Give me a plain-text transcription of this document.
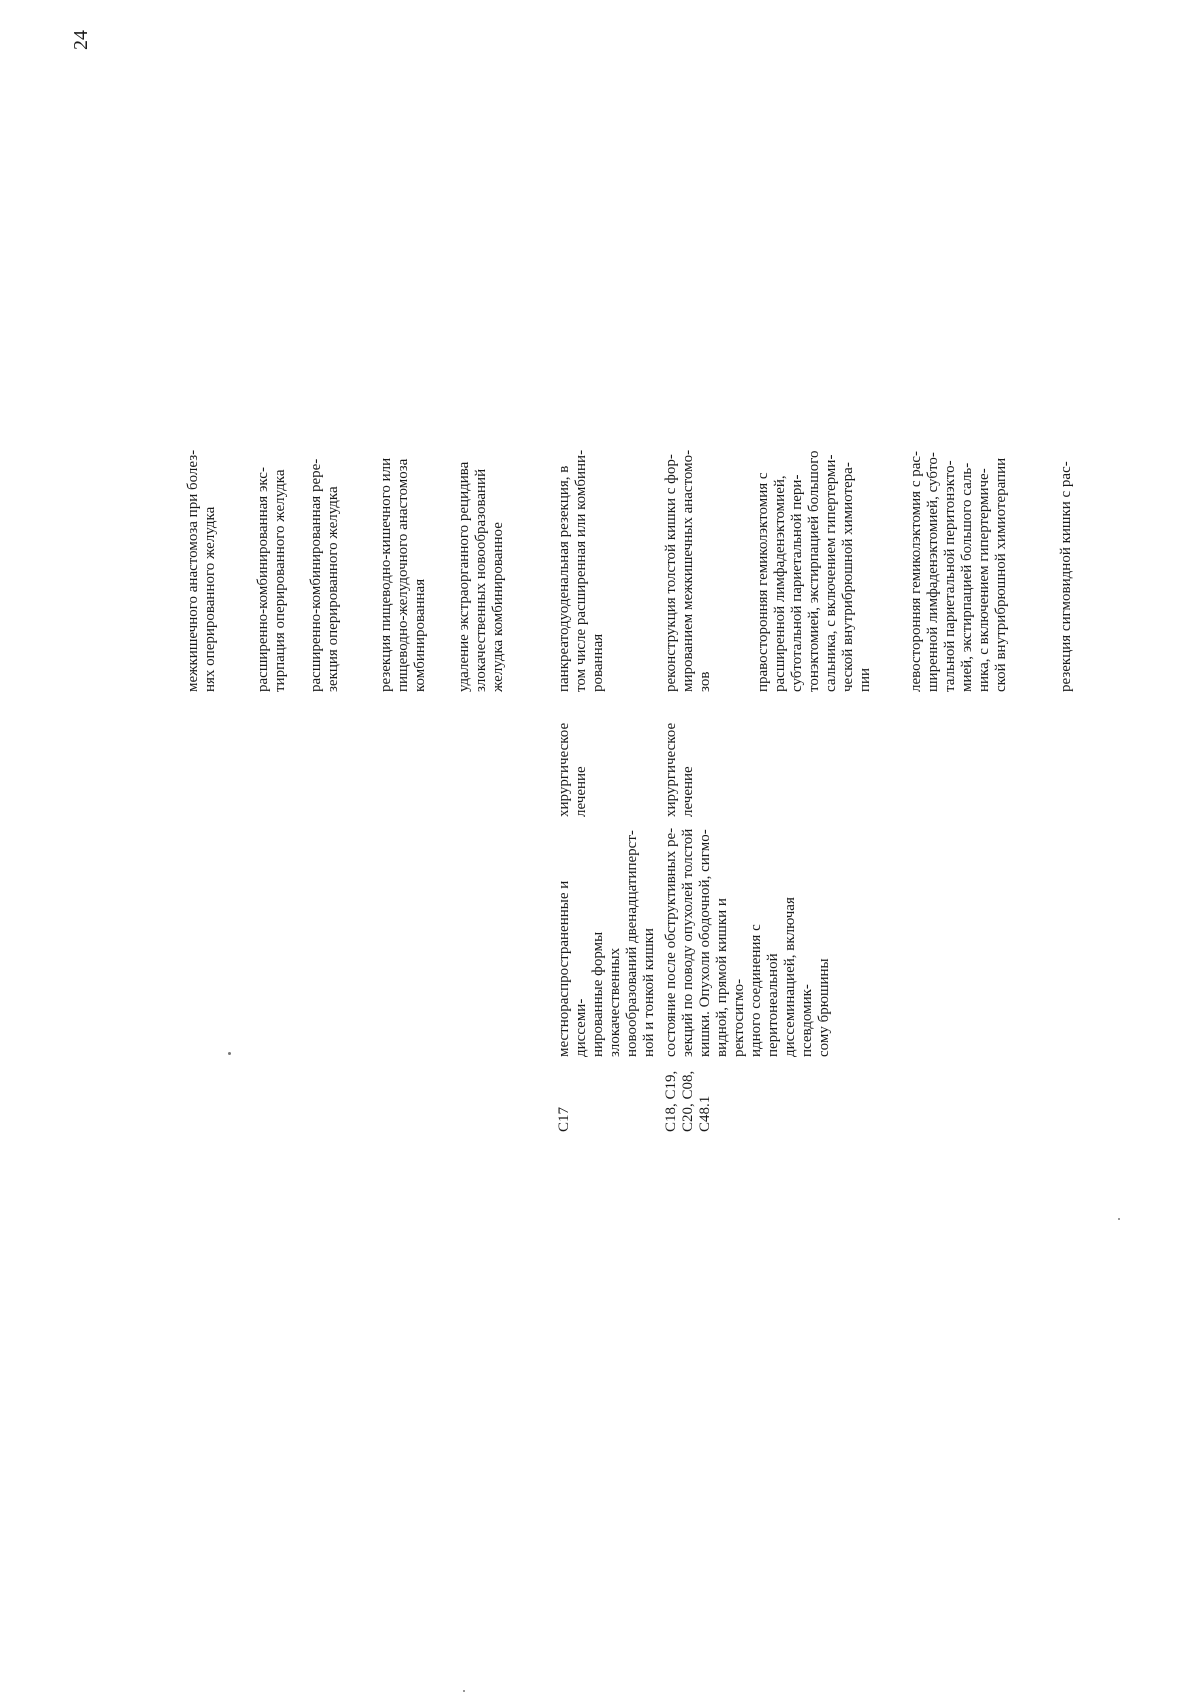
24
межкишечного анастомоза при болез-
нях оперированного желудка расширенно-комбинированная экс-
тирпация оперированного желудка
расширенно-комбинированная рере-
зекция оперированного желудка
резекция пищеводно-кишечного или
пищеводно-желудочного анастомоза
комбинированная удаление экстраорганного рецидива
злокачественных новообразований
желудка комбинированное
C17
местнораспространенные и диссеми-
нированные формы злокачественных
новообразований двенадцатиперст-
ной и тонкой кишки
хирургическое
лечение
панкреатодуоденальная резекция, в
том числе расширенная или комбини-
рованная
C18, C19,
C20, C08,
C48.1
состояние после обструктивных ре-
зекций по поводу опухолей толстой
кишки. Опухоли ободочной, сигмо-
видной, прямой кишки и ректосигмо-
идного соединения с перитонеальной
диссеминацией, включая псевдомик-
сому брюшины
хирургическое
лечение
реконструкция толстой кишки с фор-
мированием межкишечных анастомо-
зов	правосторонняя гемиколэктомия с
расширенной лимфаденэктомией,
субтотальной париетальной пери-
тонэктомией, экстирпацией большого
сальника, с включением гипертерми-
ческой внутрибрюшной химиотера-
пии левосторонняя гемиколэктомия с рас-
ширенной лимфаденэктомией, субто-
тальной париетальной перитонэкто-
мией, экстирпацией большого саль-
ника, с включением гипертермиче-
ской внутрибрюшной химиотерапии	резекция сигмовидной кишки с рас-
